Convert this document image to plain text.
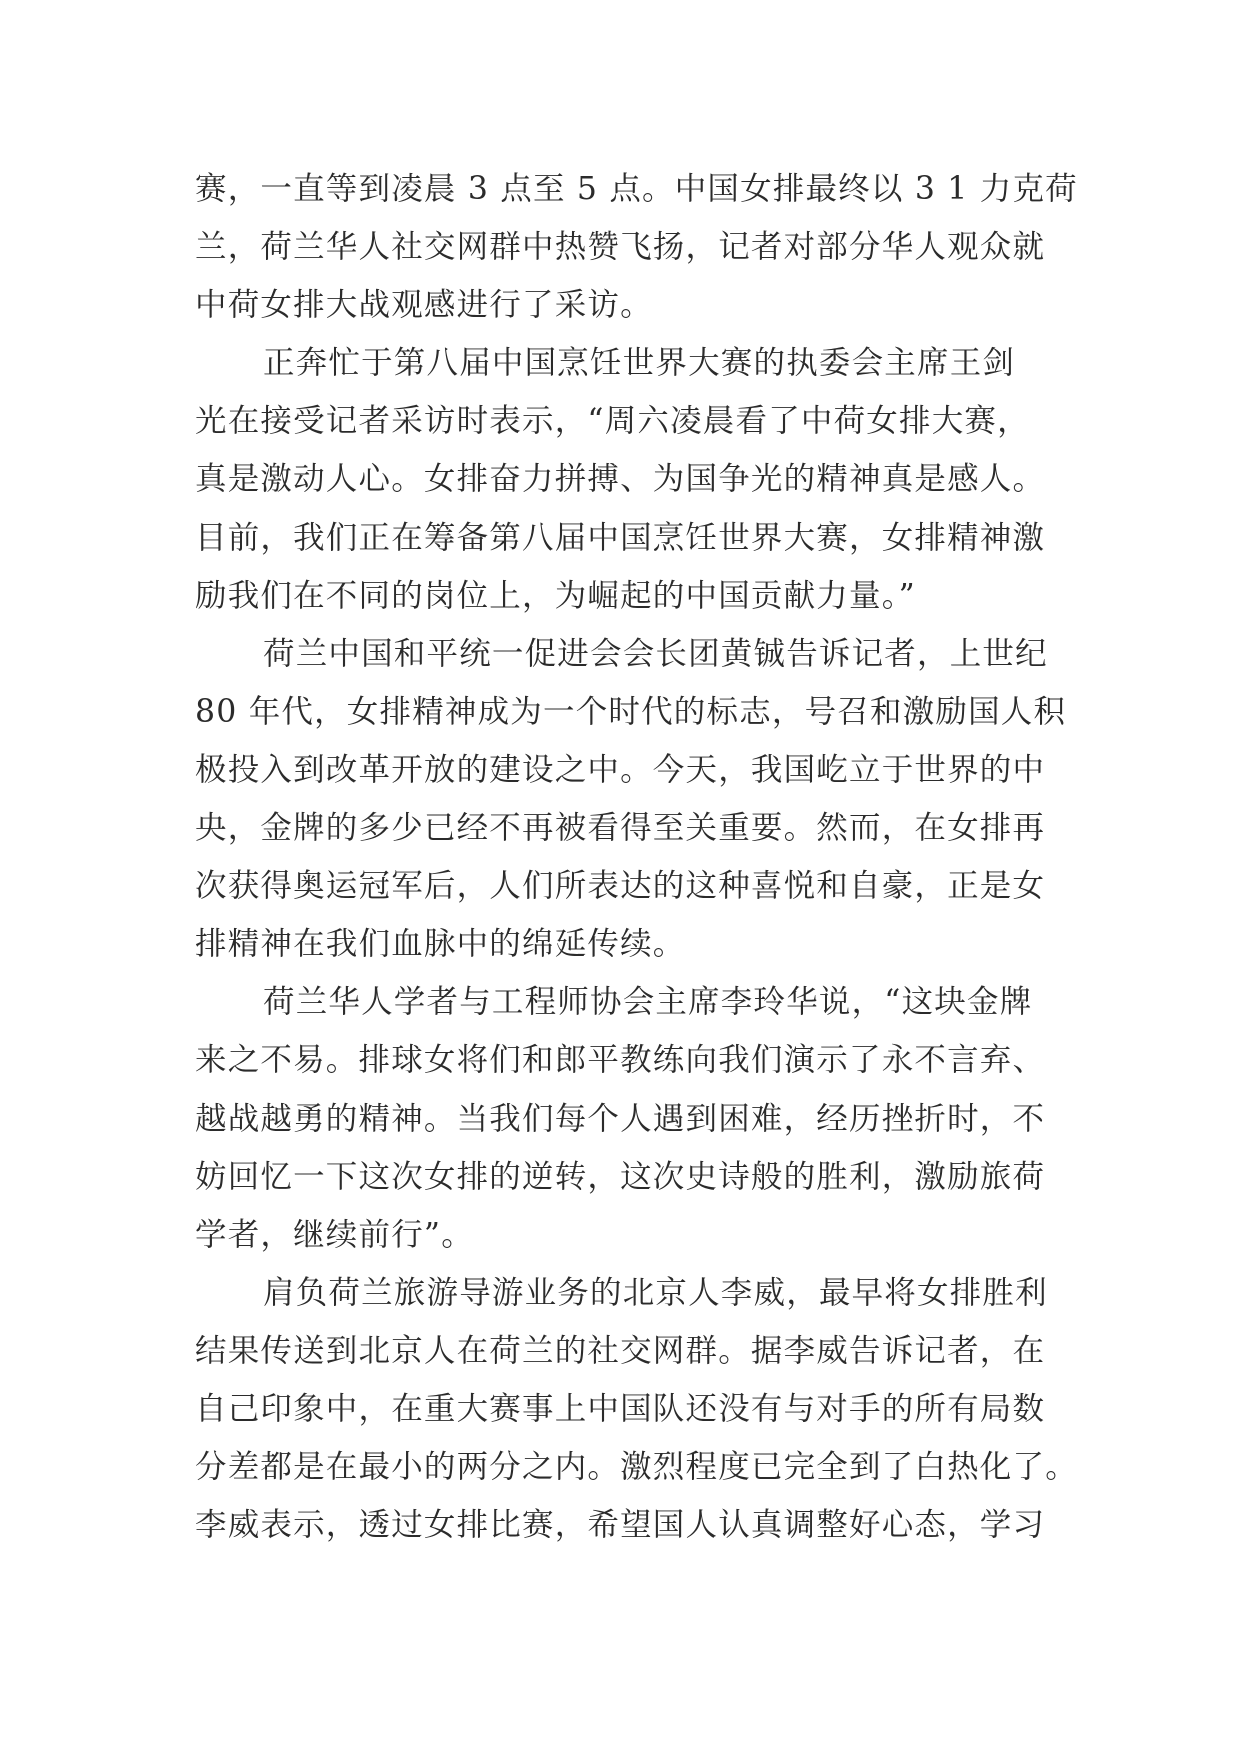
赛，一直等到凌晨 3 点至 5 点。中国女排最终以 3 1 力克荷
兰，荷兰华人社交网群中热赞飞扬，记者对部分华人观众就
中荷女排大战观感进行了采访。
正奔忙于第八届中国烹饪世界大赛的执委会主席王剑
光在接受记者采访时表示，“周六凌晨看了中荷女排大赛，
真是激动人心。女排奋力拼搏、为国争光的精神真是感人。
目前，我们正在筹备第八届中国烹饪世界大赛，女排精神激
励我们在不同的岗位上，为崛起的中国贡献力量。”
荷兰中国和平统一促进会会长团黄铖告诉记者，上世纪
80 年代，女排精神成为一个时代的标志，号召和激励国人积
极投入到改革开放的建设之中。今天，我国屹立于世界的中
央，金牌的多少已经不再被看得至关重要。然而，在女排再
次获得奥运冠军后，人们所表达的这种喜悦和自豪，正是女
排精神在我们血脉中的绵延传续。
荷兰华人学者与工程师协会主席李玲华说，“这块金牌
来之不易。排球女将们和郎平教练向我们演示了永不言弃、
越战越勇的精神。当我们每个人遇到困难，经历挫折时，不
妨回忆一下这次女排的逆转，这次史诗般的胜利，激励旅荷
学者，继续前行”。
肩负荷兰旅游导游业务的北京人李威，最早将女排胜利
结果传送到北京人在荷兰的社交网群。据李威告诉记者，在
自己印象中，在重大赛事上中国队还没有与对手的所有局数
分差都是在最小的两分之内。激烈程度已完全到了白热化了。
李威表示，透过女排比赛，希望国人认真调整好心态，学习
